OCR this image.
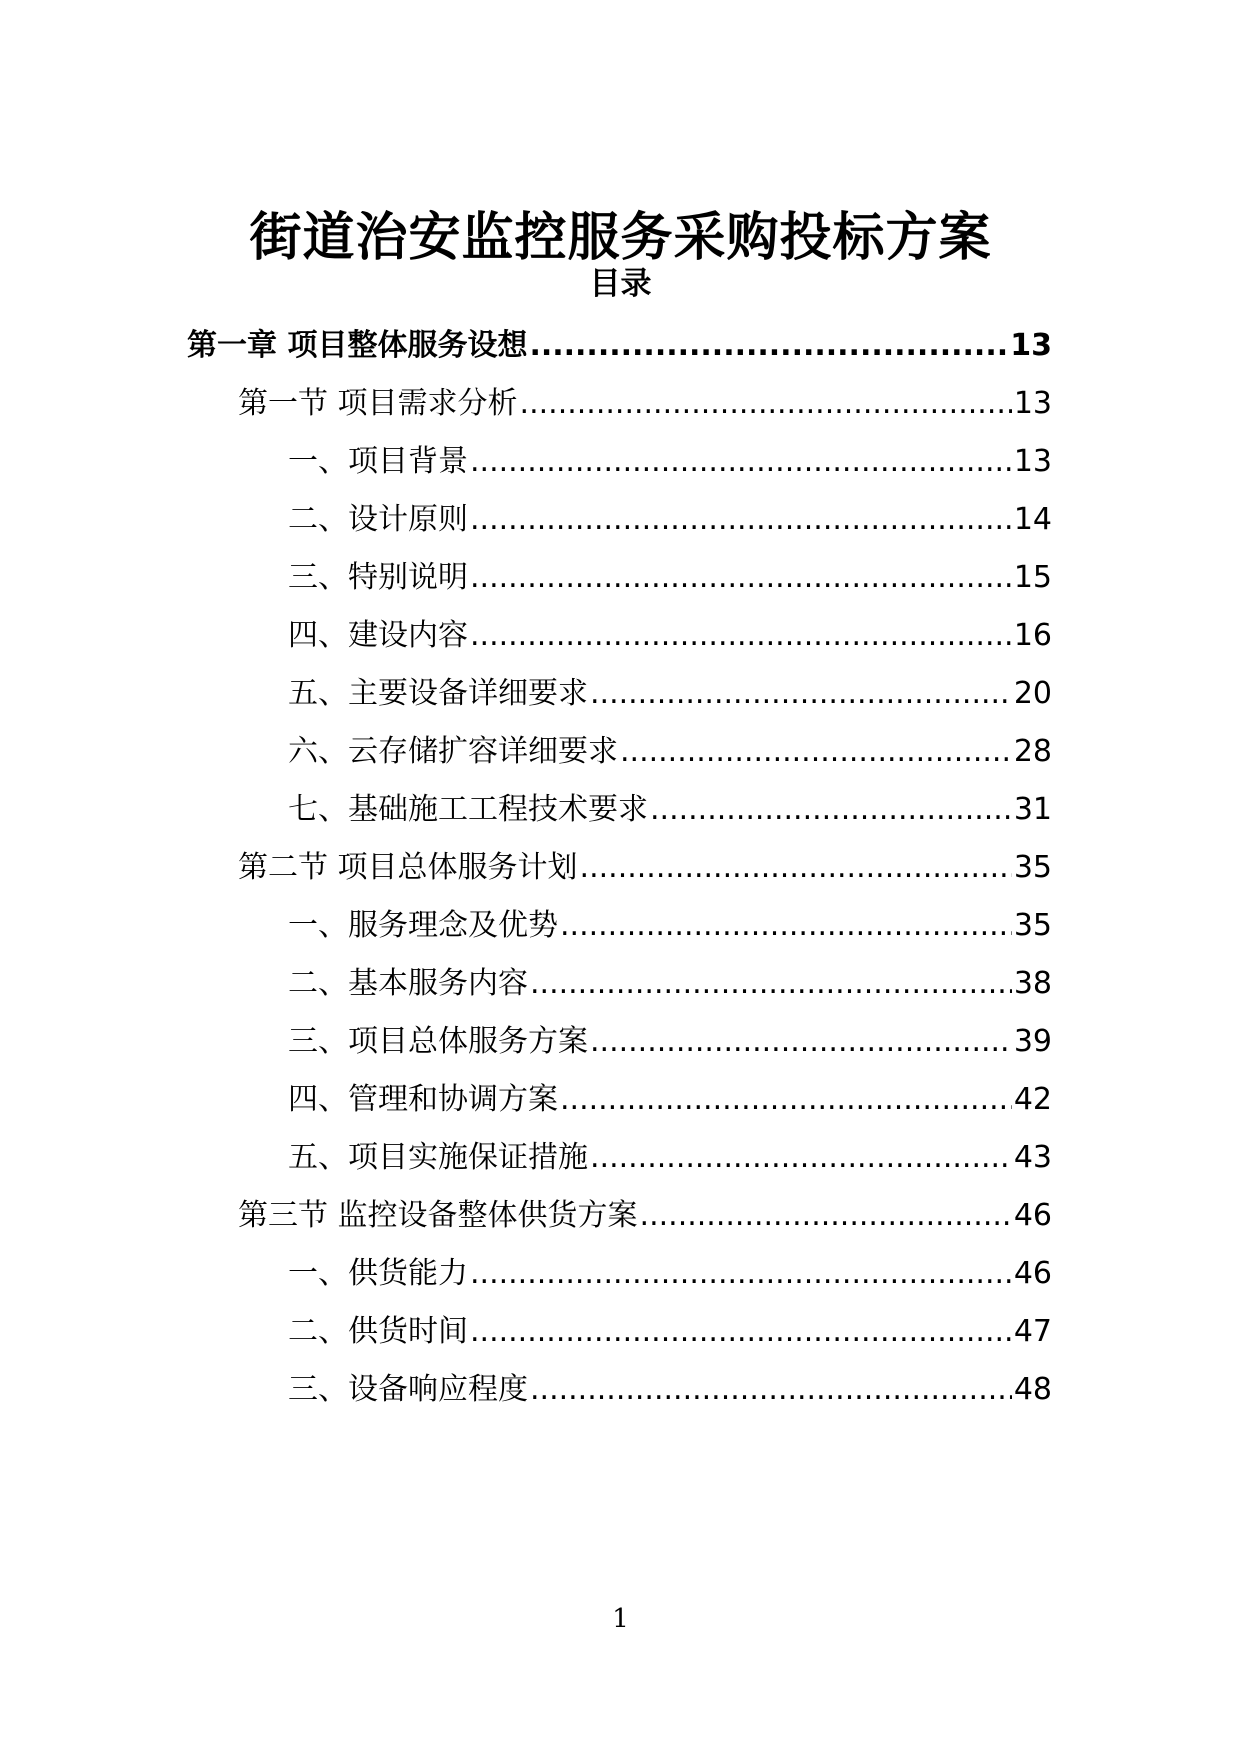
街道治安监控服务采购投标方案
目录
第一章 项目整体服务设想 .....	13
第一节 项目需求分析 .....	13
一、项目背景 .....	13
二、设计原则 .....	14
三、特别说明 .....	15
四、建设内容 .....	16
五、主要设备详细要求 .....	20
六、云存储扩容详细要求 .....	28
七、基础施工工程技术要求 .....	31
第二节 项目总体服务计划 .....	35
一、服务理念及优势 .....	35
二、基本服务内容 .....	38
三、项目总体服务方案 .....	39
四、管理和协调方案 .....	42
五、项目实施保证措施 .....	43
第三节 监控设备整体供货方案 .....	46
一、供货能力 .....	46
二、供货时间 .....	47
三、设备响应程度 .....	48
1
